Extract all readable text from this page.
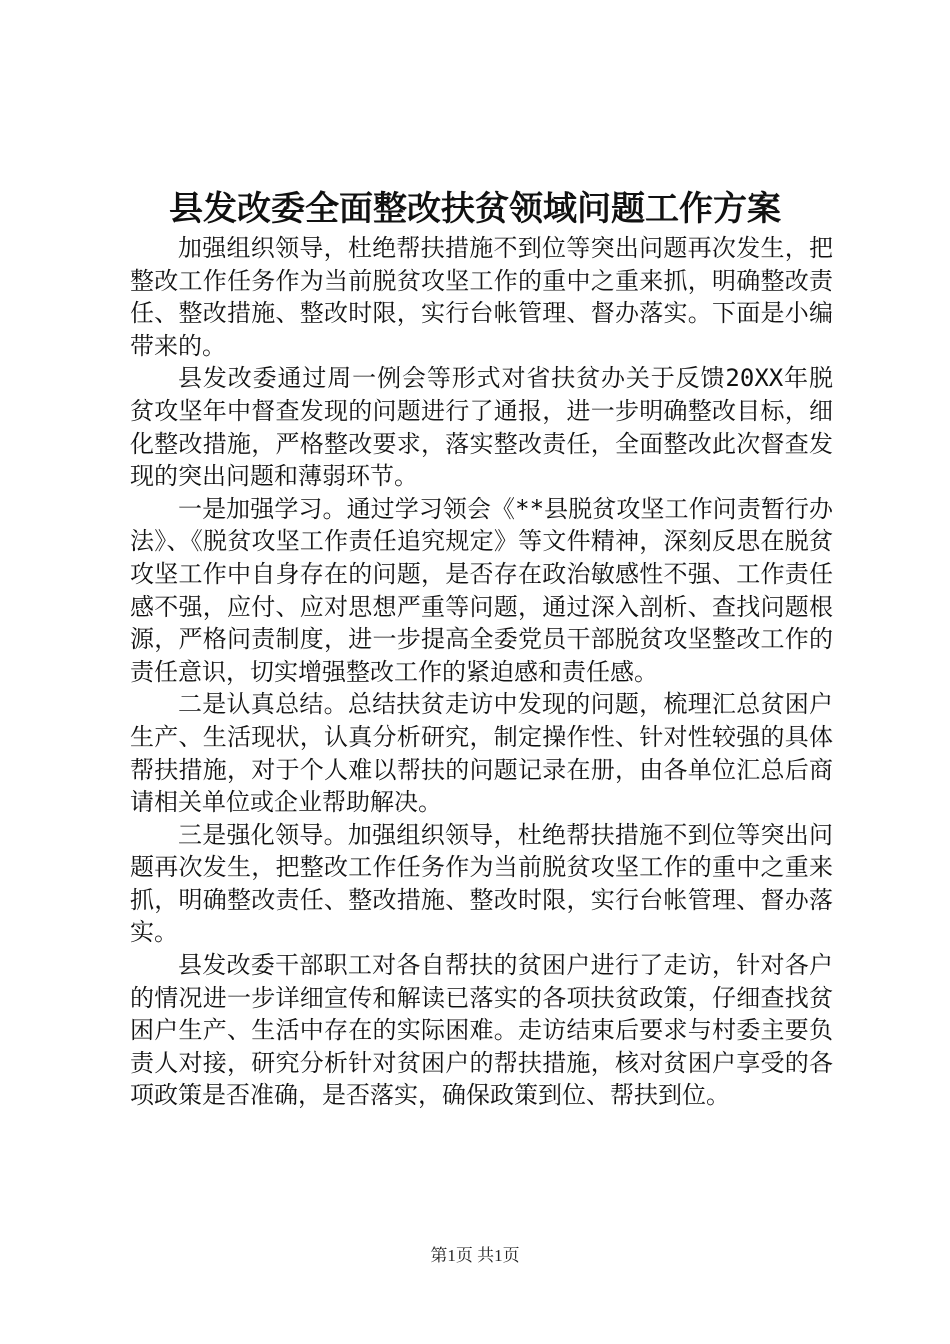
县发改委全面整改扶贫领域问题工作方案

加强组织领导，杜绝帮扶措施不到位等突出问题再次发生，把整改工作任务作为当前脱贫攻坚工作的重中之重来抓，明确整改责任、整改措施、整改时限，实行台帐管理、督办落实。下面是小编带来的。

县发改委通过周一例会等形式对省扶贫办关于反馈20XX年脱贫攻坚年中督查发现的问题进行了通报，进一步明确整改目标，细化整改措施，严格整改要求，落实整改责任，全面整改此次督查发现的突出问题和薄弱环节。

一是加强学习。通过学习领会《**县脱贫攻坚工作问责暂行办法》、《脱贫攻坚工作责任追究规定》等文件精神，深刻反思在脱贫攻坚工作中自身存在的问题，是否存在政治敏感性不强、工作责任感不强，应付、应对思想严重等问题，通过深入剖析、查找问题根源，严格问责制度，进一步提高全委党员干部脱贫攻坚整改工作的责任意识，切实增强整改工作的紧迫感和责任感。

二是认真总结。总结扶贫走访中发现的问题，梳理汇总贫困户生产、生活现状，认真分析研究，制定操作性、针对性较强的具体帮扶措施，对于个人难以帮扶的问题记录在册，由各单位汇总后商请相关单位或企业帮助解决。

三是强化领导。加强组织领导，杜绝帮扶措施不到位等突出问题再次发生，把整改工作任务作为当前脱贫攻坚工作的重中之重来抓，明确整改责任、整改措施、整改时限，实行台帐管理、督办落实。

县发改委干部职工对各自帮扶的贫困户进行了走访，针对各户的情况进一步详细宣传和解读已落实的各项扶贫政策，仔细查找贫困户生产、生活中存在的实际困难。走访结束后要求与村委主要负责人对接，研究分析针对贫困户的帮扶措施，核对贫困户享受的各项政策是否准确，是否落实，确保政策到位、帮扶到位。

第1页 共1页
